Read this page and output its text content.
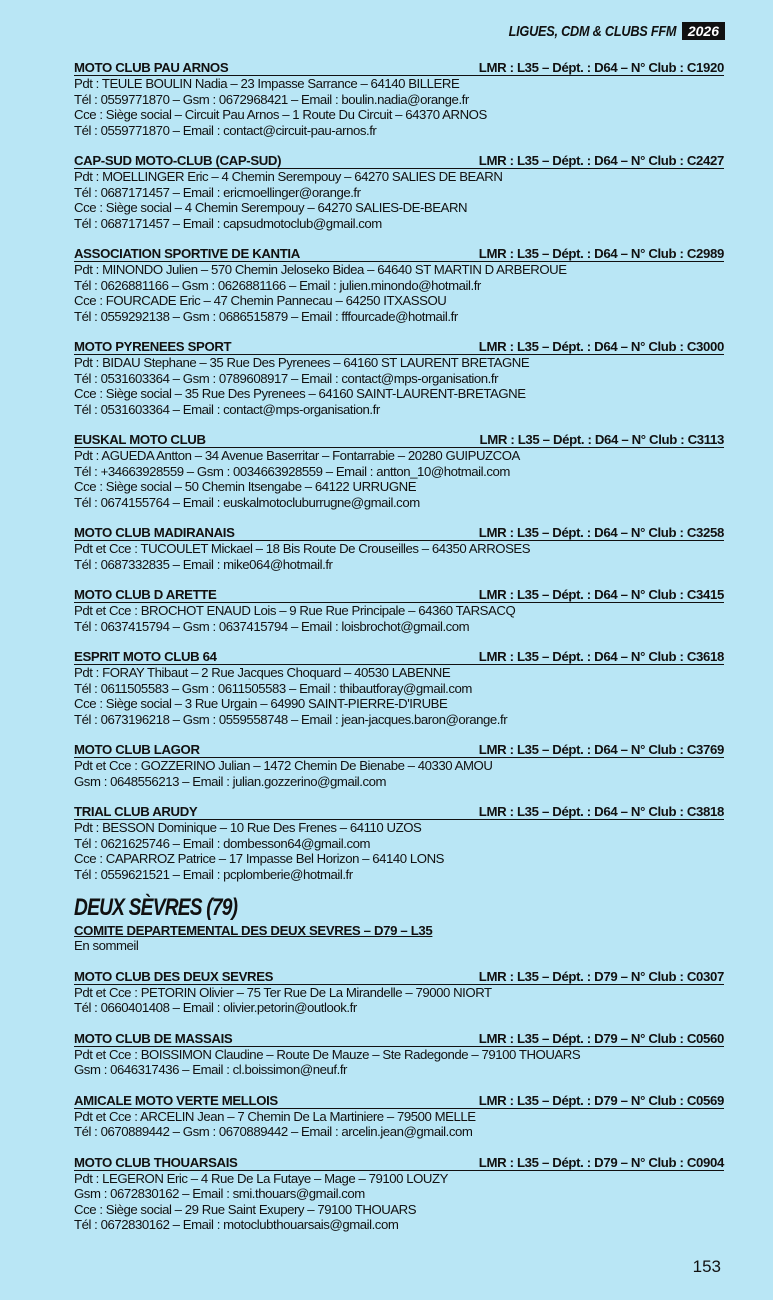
LIGUES, CDM & CLUBS FFM 2026
MOTO CLUB PAU ARNOS	LMR : L35 – Dépt. : D64 – N° Club : C1920
Pdt : TEULE BOULIN Nadia – 23 Impasse Sarrance – 64140 BILLERE
Tél : 0559771870 – Gsm : 0672968421 – Email : boulin.nadia@orange.fr
Cce : Siège social – Circuit Pau Arnos – 1 Route Du Circuit – 64370 ARNOS
Tél : 0559771870 – Email : contact@circuit-pau-arnos.fr
CAP-SUD MOTO-CLUB (CAP-SUD)	LMR : L35 – Dépt. : D64 – N° Club : C2427
Pdt : MOELLINGER Eric – 4 Chemin Serempouy – 64270 SALIES DE BEARN
Tél : 0687171457 – Email : ericmoellinger@orange.fr
Cce : Siège social – 4 Chemin Serempouy – 64270 SALIES-DE-BEARN
Tél : 0687171457 – Email : capsudmotoclub@gmail.com
ASSOCIATION SPORTIVE DE KANTIA	LMR : L35 – Dépt. : D64 – N° Club : C2989
Pdt : MINONDO Julien – 570 Chemin Jeloseko Bidea – 64640 ST MARTIN D ARBEROUE
Tél : 0626881166 – Gsm : 0626881166 – Email : julien.minondo@hotmail.fr
Cce : FOURCADE Eric – 47 Chemin Pannecau – 64250 ITXASSOU
Tél : 0559292138 – Gsm : 0686515879 – Email : fffourcade@hotmail.fr
MOTO PYRENEES SPORT	LMR : L35 – Dépt. : D64 – N° Club : C3000
Pdt : BIDAU Stephane – 35 Rue Des Pyrenees – 64160 ST LAURENT BRETAGNE
Tél : 0531603364 – Gsm : 0789608917 – Email : contact@mps-organisation.fr
Cce : Siège social – 35 Rue Des Pyrenees – 64160 SAINT-LAURENT-BRETAGNE
Tél : 0531603364 – Email : contact@mps-organisation.fr
EUSKAL MOTO CLUB	LMR : L35 – Dépt. : D64 – N° Club : C3113
Pdt : AGUEDA Antton – 34 Avenue Baserritar – Fontarrabie – 20280 GUIPUZCOA
Tél : +34663928559 – Gsm : 0034663928559 – Email : antton_10@hotmail.com
Cce : Siège social – 50 Chemin Itsengabe – 64122 URRUGNE
Tél : 0674155764 – Email : euskalmotocluburrugne@gmail.com
MOTO CLUB MADIRANAIS	LMR : L35 – Dépt. : D64 – N° Club : C3258
Pdt et Cce : TUCOULET Mickael – 18 Bis Route De Crouseilles – 64350 ARROSES
Tél : 0687332835 – Email : mike064@hotmail.fr
MOTO CLUB D ARETTE	LMR : L35 – Dépt. : D64 – N° Club : C3415
Pdt et Cce : BROCHOT ENAUD Lois – 9 Rue Rue Principale – 64360 TARSACQ
Tél : 0637415794 – Gsm : 0637415794 – Email : loisbrochot@gmail.com
ESPRIT MOTO CLUB 64	LMR : L35 – Dépt. : D64 – N° Club : C3618
Pdt : FORAY Thibaut – 2 Rue Jacques Choquard – 40530 LABENNE
Tél : 0611505583 – Gsm : 0611505583 – Email : thibautforay@gmail.com
Cce : Siège social – 3 Rue Urgain – 64990 SAINT-PIERRE-D'IRUBE
Tél : 0673196218 – Gsm : 0559558748 – Email : jean-jacques.baron@orange.fr
MOTO CLUB LAGOR	LMR : L35 – Dépt. : D64 – N° Club : C3769
Pdt et Cce : GOZZERINO Julian – 1472 Chemin De Bienabe – 40330 AMOU
Gsm : 0648556213 – Email : julian.gozzerino@gmail.com
TRIAL CLUB ARUDY	LMR : L35 – Dépt. : D64 – N° Club : C3818
Pdt : BESSON Dominique – 10 Rue Des Frenes – 64110 UZOS
Tél : 0621625746 – Email : dombesson64@gmail.com
Cce : CAPARROZ Patrice – 17 Impasse Bel Horizon – 64140 LONS
Tél : 0559621521 – Email : pcplomberie@hotmail.fr
DEUX SÈVRES (79)
COMITE DEPARTEMENTAL DES DEUX SEVRES – D79 – L35
En sommeil
MOTO CLUB DES DEUX SEVRES	LMR : L35 – Dépt. : D79 – N° Club : C0307
Pdt et Cce : PETORIN Olivier – 75 Ter Rue De La Mirandelle – 79000 NIORT
Tél : 0660401408 – Email : olivier.petorin@outlook.fr
MOTO CLUB DE MASSAIS	LMR : L35 – Dépt. : D79 – N° Club : C0560
Pdt et Cce : BOISSIMON Claudine – Route De Mauze – Ste Radegonde – 79100 THOUARS
Gsm : 0646317436 – Email : cl.boissimon@neuf.fr
AMICALE MOTO VERTE MELLOIS	LMR : L35 – Dépt. : D79 – N° Club : C0569
Pdt et Cce : ARCELIN Jean – 7 Chemin De La Martiniere – 79500 MELLE
Tél : 0670889442 – Gsm : 0670889442 – Email : arcelin.jean@gmail.com
MOTO CLUB THOUARSAIS	LMR : L35 – Dépt. : D79 – N° Club : C0904
Pdt : LEGERON Eric – 4 Rue De La Futaye – Mage – 79100 LOUZY
Gsm : 0672830162 – Email : smi.thouars@gmail.com
Cce : Siège social – 29 Rue Saint Exupery – 79100 THOUARS
Tél : 0672830162 – Email : motoclubthouarsais@gmail.com
153
